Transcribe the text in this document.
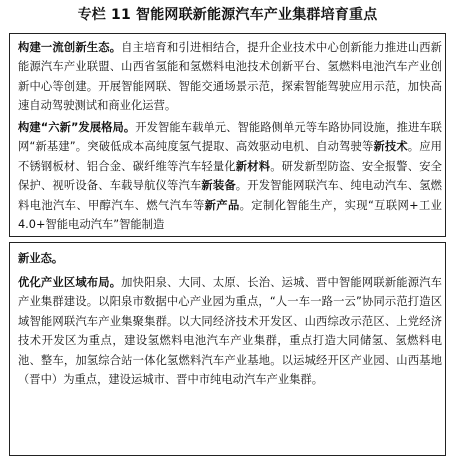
专栏 11 智能网联新能源汽车产业集群培育重点
构建一流创新生态。自主培育和引进相结合，提升企业技术中心创新能力推进山西新能源汽车产业联盟、山西省氢能和氢燃料电池技术创新平台、氢燃料电池汽车产业创新中心等创建。开展智能网联、智能交通场景示范，探索智能驾驶应用示范，加快高速自动驾驶测试和商业化运营。
构建“六新”发展格局。开发智能车载单元、智能路侧单元等车路协同设施，推进车联网“新基建”。突破低成本高纯度氢气提取、高效驱动电机、自动驾驶等新技术。应用不锈钢板材、铝合金、碳纤维等汽车轻量化新材料。研发新型防盗、安全报警、安全保护、视听设备、车载导航仪等汽车新装备。开发智能网联汽车、纯电动汽车、氢燃料电池汽车、甲醇汽车、燃气汽车等新产品。定制化智能生产，实现“互联网+工业 4.0+智能电动汽车”智能制造
新业态。
优化产业区域布局。加快阳泉、大同、太原、长治、运城、晋中智能网联新能源汽车产业集群建设。以阳泉市数据中心产业园为重点，“人一车一路一云”协同示范打造区域智能网联汽车产业集聚集群。以大同经济技术开发区、山西综改示范区、上党经济技术开发区为重点，建设氢燃料电池汽车产业集群，重点打造大同储氢、氢燃料电池、整车，加氢综合站一体化氢燃料汽车产业基地。以运城经开区产业园、山西基地（晋中）为重点，建设运城市、晋中市纯电动汽车产业集群。
